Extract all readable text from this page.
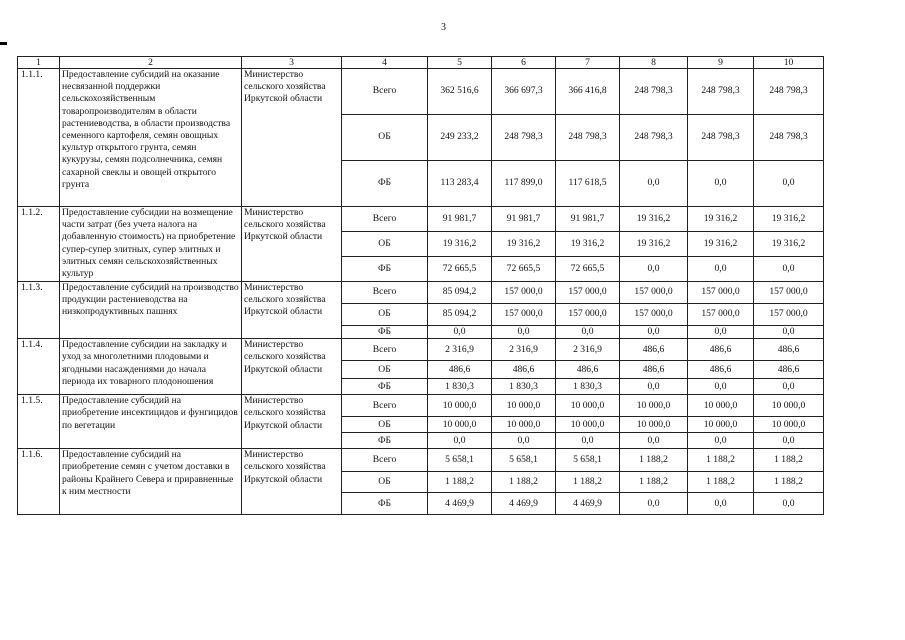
3
1	2	3	4	5	6	7	8	9	10
1.1.1.	Предоставление субсидий на оказание несвязанной поддержки сельскохозяйственным товаропроизводителям в области растениеводства, в области производства семенного картофеля, семян овощных культур открытого грунта, семян кукурузы, семян подсолнечника, семян сахарной свеклы и овощей открытого грунта	Министерство сельского хозяйства Иркутской области	Всего	362 516,6	366 697,3	366 416,8	248 798,3	248 798,3	248 798,3
			ОБ	249 233,2	248 798,3	248 798,3	248 798,3	248 798,3	248 798,3
			ФБ	113 283,4	117 899,0	117 618,5	0,0	0,0	0,0
1.1.2.	Предоставление субсидии на возмещение части затрат (без учета налога на добавленную стоимость) на приобретение супер-супер элитных, супер элитных и элитных семян сельскохозяйственных культур	Министерство сельского хозяйства Иркутской области	Всего	91 981,7	91 981,7	91 981,7	19 316,2	19 316,2	19 316,2
			ОБ	19 316,2	19 316,2	19 316,2	19 316,2	19 316,2	19 316,2
			ФБ	72 665,5	72 665,5	72 665,5	0,0	0,0	0,0
1.1.3.	Предоставление субсидий на производство продукции растениеводства на низкопродуктивных пашнях	Министерство сельского хозяйства Иркутской области	Всего	85 094,2	157 000,0	157 000,0	157 000,0	157 000,0	157 000,0
			ОБ	85 094,2	157 000,0	157 000,0	157 000,0	157 000,0	157 000,0
			ФБ	0,0	0,0	0,0	0,0	0,0	0,0
1.1.4.	Предоставление субсидии на закладку и уход за многолетними плодовыми и ягодными насаждениями до начала периода их товарного плодоношения	Министерство сельского хозяйства Иркутской области	Всего	2 316,9	2 316,9	2 316,9	486,6	486,6	486,6
			ОБ	486,6	486,6	486,6	486,6	486,6	486,6
			ФБ	1 830,3	1 830,3	1 830,3	0,0	0,0	0,0
1.1.5.	Предоставление субсидий на приобретение инсектицидов и фунгицидов по вегетации	Министерство сельского хозяйства Иркутской области	Всего	10 000,0	10 000,0	10 000,0	10 000,0	10 000,0	10 000,0
			ОБ	10 000,0	10 000,0	10 000,0	10 000,0	10 000,0	10 000,0
			ФБ	0,0	0,0	0,0	0,0	0,0	0,0
1.1.6.	Предоставление субсидий на приобретение семян с учетом доставки в районы Крайнего Севера и приравненные к ним местности	Министерство сельского хозяйства Иркутской области	Всего	5 658,1	5 658,1	5 658,1	1 188,2	1 188,2	1 188,2
			ОБ	1 188,2	1 188,2	1 188,2	1 188,2	1 188,2	1 188,2
			ФБ	4 469,9	4 469,9	4 469,9	0,0	0,0	0,0
